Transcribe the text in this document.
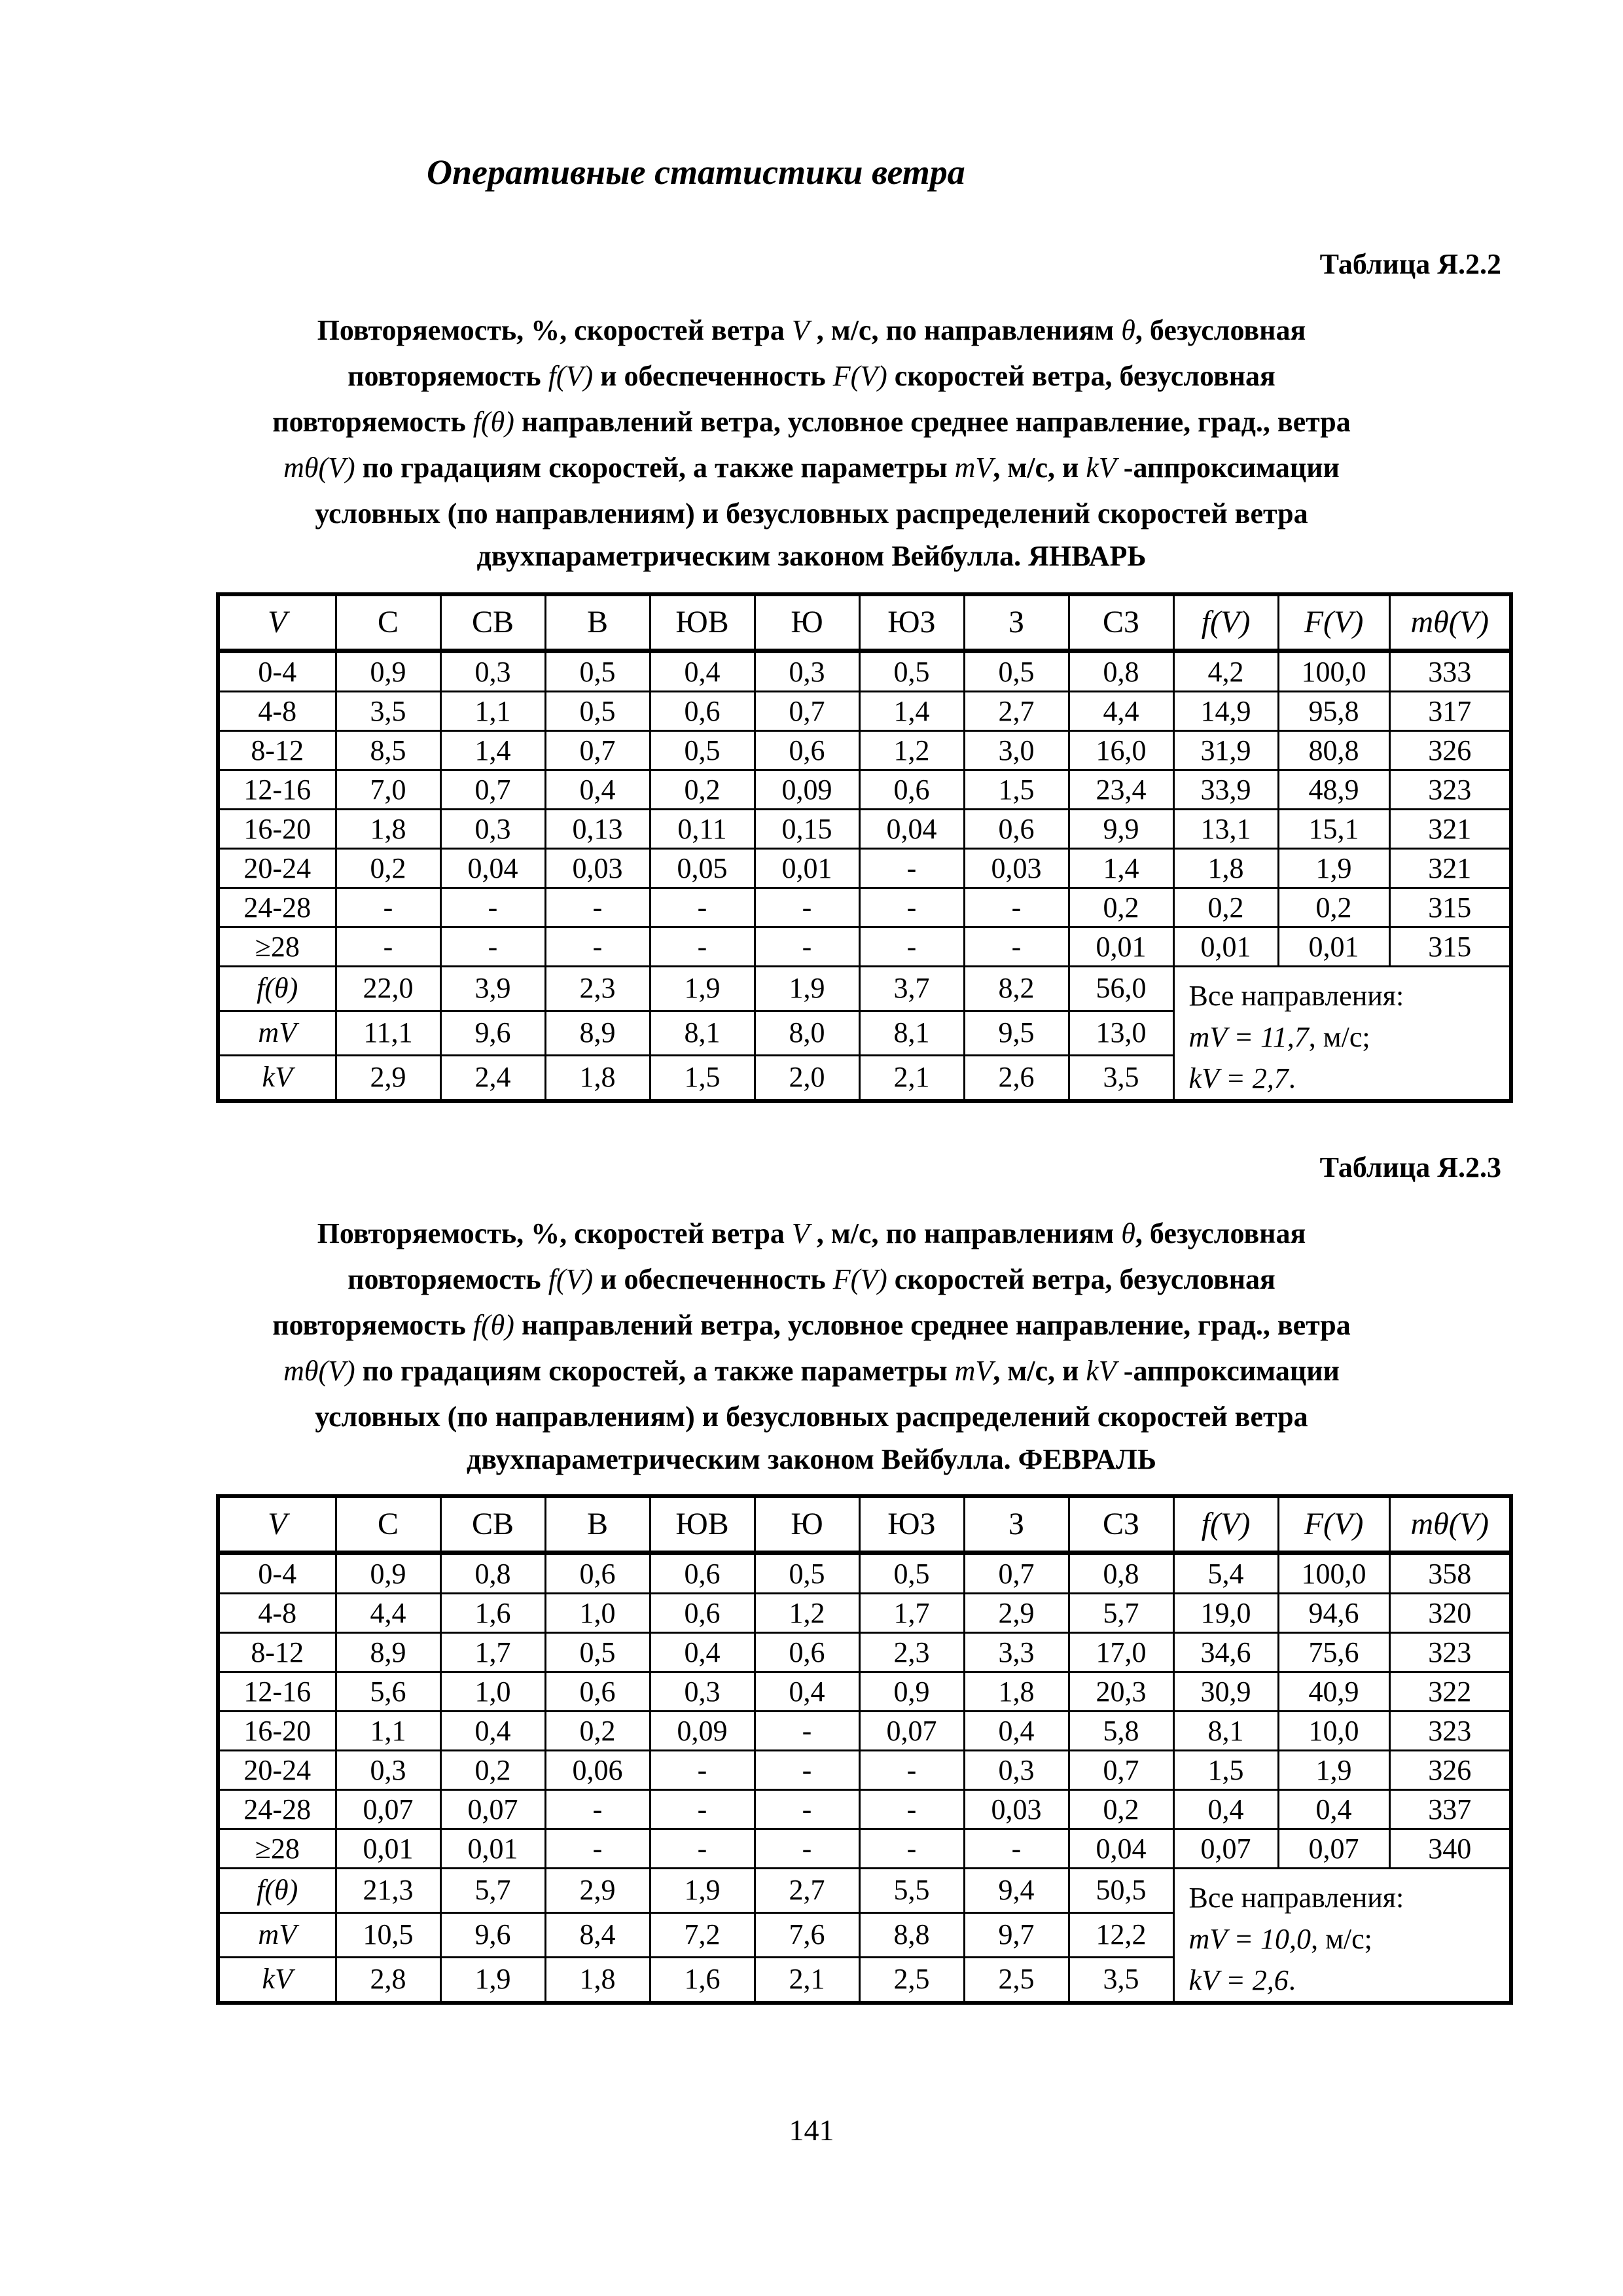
Оперативные статистики ветра
Таблица Я.2.2
Повторяемость, %, скоростей ветра V , м/с, по направлениям θ, безусловная
повторяемость f(V) и обеспеченность F(V) скоростей ветра, безусловная
повторяемость f(θ) направлений ветра, условное среднее направление, град., ветра
mθ(V) по градациям скоростей, а также параметры mV, м/с, и kV -аппроксимации
условных (по направлениям) и безусловных распределений скоростей ветра
двухпараметрическим законом Вейбулла. ЯНВАРЬ
V	С	СВ	В	ЮВ	Ю	ЮЗ	З	СЗ	f(V)	F(V)	mθ(V)
0-4	0,9	0,3	0,5	0,4	0,3	0,5	0,5	0,8	4,2	100,0	333
4-8	3,5	1,1	0,5	0,6	0,7	1,4	2,7	4,4	14,9	95,8	317
8-12	8,5	1,4	0,7	0,5	0,6	1,2	3,0	16,0	31,9	80,8	326
12-16	7,0	0,7	0,4	0,2	0,09	0,6	1,5	23,4	33,9	48,9	323
16-20	1,8	0,3	0,13	0,11	0,15	0,04	0,6	9,9	13,1	15,1	321
20-24	0,2	0,04	0,03	0,05	0,01	-	0,03	1,4	1,8	1,9	321
24-28	-	-	-	-	-	-	-	0,2	0,2	0,2	315
≥28	-	-	-	-	-	-	-	0,01	0,01	0,01	315
f(θ)	22,0	3,9	2,3	1,9	1,9	3,7	8,2	56,0	Все направления:
mV = 11,7, м/с;
kV = 2,7.		

mV	11,1	9,6	8,9	8,1	8,0	8,1	9,5	13,0			
kV	2,9	2,4	1,8	1,5	2,0	2,1	2,6	3,5			
Таблица Я.2.3
Повторяемость, %, скоростей ветра V , м/с, по направлениям θ, безусловная
повторяемость f(V) и обеспеченность F(V) скоростей ветра, безусловная
повторяемость f(θ) направлений ветра, условное среднее направление, град., ветра
mθ(V) по градациям скоростей, а также параметры mV, м/с, и kV -аппроксимации
условных (по направлениям) и безусловных распределений скоростей ветра
двухпараметрическим законом Вейбулла. ФЕВРАЛЬ
V	С	СВ	В	ЮВ	Ю	ЮЗ	З	СЗ	f(V)	F(V)	mθ(V)
0-4	0,9	0,8	0,6	0,6	0,5	0,5	0,7	0,8	5,4	100,0	358
4-8	4,4	1,6	1,0	0,6	1,2	1,7	2,9	5,7	19,0	94,6	320
8-12	8,9	1,7	0,5	0,4	0,6	2,3	3,3	17,0	34,6	75,6	323
12-16	5,6	1,0	0,6	0,3	0,4	0,9	1,8	20,3	30,9	40,9	322
16-20	1,1	0,4	0,2	0,09	-	0,07	0,4	5,8	8,1	10,0	323
20-24	0,3	0,2	0,06	-	-	-	0,3	0,7	1,5	1,9	326
24-28	0,07	0,07	-	-	-	-	0,03	0,2	0,4	0,4	337
≥28	0,01	0,01	-	-	-	-	-	0,04	0,07	0,07	340
f(θ)	21,3	5,7	2,9	1,9	2,7	5,5	9,4	50,5	Все направления:
mV = 10,0, м/с;
kV = 2,6.		

mV	10,5	9,6	8,4	7,2	7,6	8,8	9,7	12,2			
kV	2,8	1,9	1,8	1,6	2,1	2,5	2,5	3,5			
141
